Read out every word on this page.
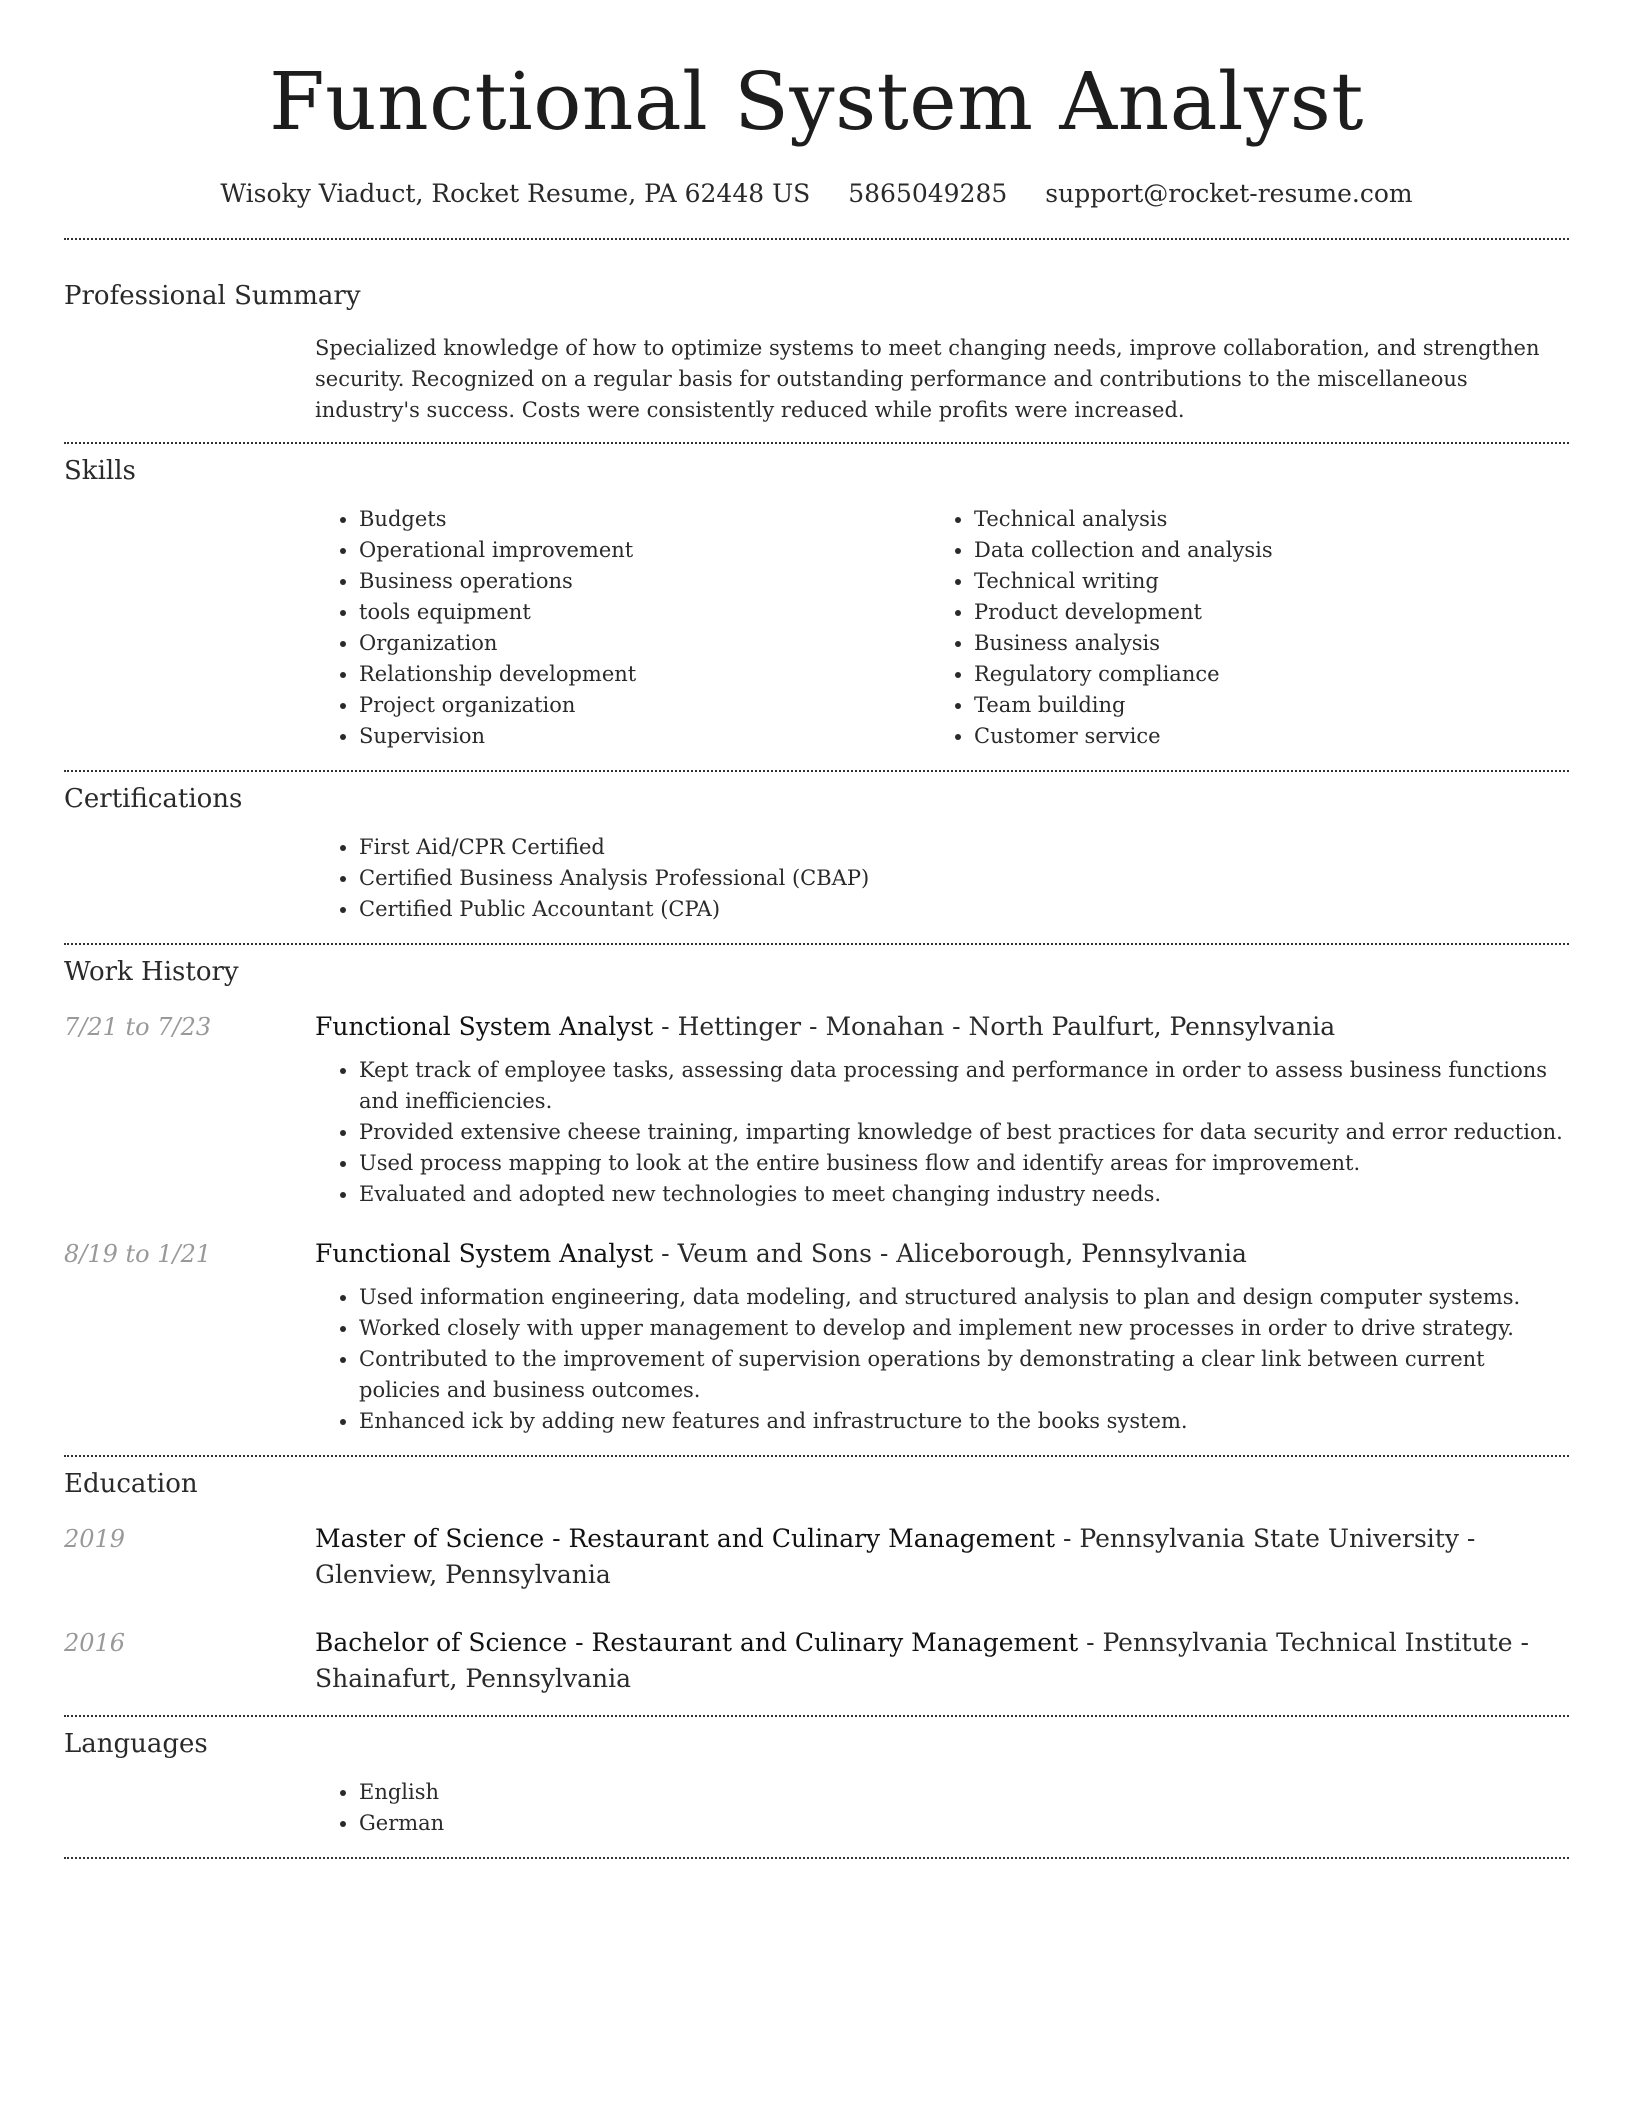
Functional System Analyst
Wisoky Viaduct, Rocket Resume, PA 62448 US 5865049285 support@rocket-resume.com
Professional Summary
Specialized knowledge of how to optimize systems to meet changing needs, improve collaboration, and strengthen security. Recognized on a regular basis for outstanding performance and contributions to the miscellaneous industry's success. Costs were consistently reduced while profits were increased.
Skills
• Budgets
• Operational improvement
• Business operations
• tools equipment
• Organization
• Relationship development
• Project organization
• Supervision
• Technical analysis
• Data collection and analysis
• Technical writing
• Product development
• Business analysis
• Regulatory compliance
• Team building
• Customer service
Certifications
• First Aid/CPR Certified
• Certified Business Analysis Professional (CBAP)
• Certified Public Accountant (CPA)
Work History
7/21 to 7/23	Functional System Analyst - Hettinger - Monahan - North Paulfurt, Pennsylvania
• Kept track of employee tasks, assessing data processing and performance in order to assess business functions and inefficiencies.
• Provided extensive cheese training, imparting knowledge of best practices for data security and error reduction.
• Used process mapping to look at the entire business flow and identify areas for improvement.
• Evaluated and adopted new technologies to meet changing industry needs.
8/19 to 1/21	Functional System Analyst - Veum and Sons - Aliceborough, Pennsylvania
• Used information engineering, data modeling, and structured analysis to plan and design computer systems.
• Worked closely with upper management to develop and implement new processes in order to drive strategy.
• Contributed to the improvement of supervision operations by demonstrating a clear link between current policies and business outcomes.
• Enhanced ick by adding new features and infrastructure to the books system.
Education
2019	Master of Science - Restaurant and Culinary Management - Pennsylvania State University - Glenview, Pennsylvania
2016	Bachelor of Science - Restaurant and Culinary Management - Pennsylvania Technical Institute - Shainafurt, Pennsylvania
Languages
• English
• German
